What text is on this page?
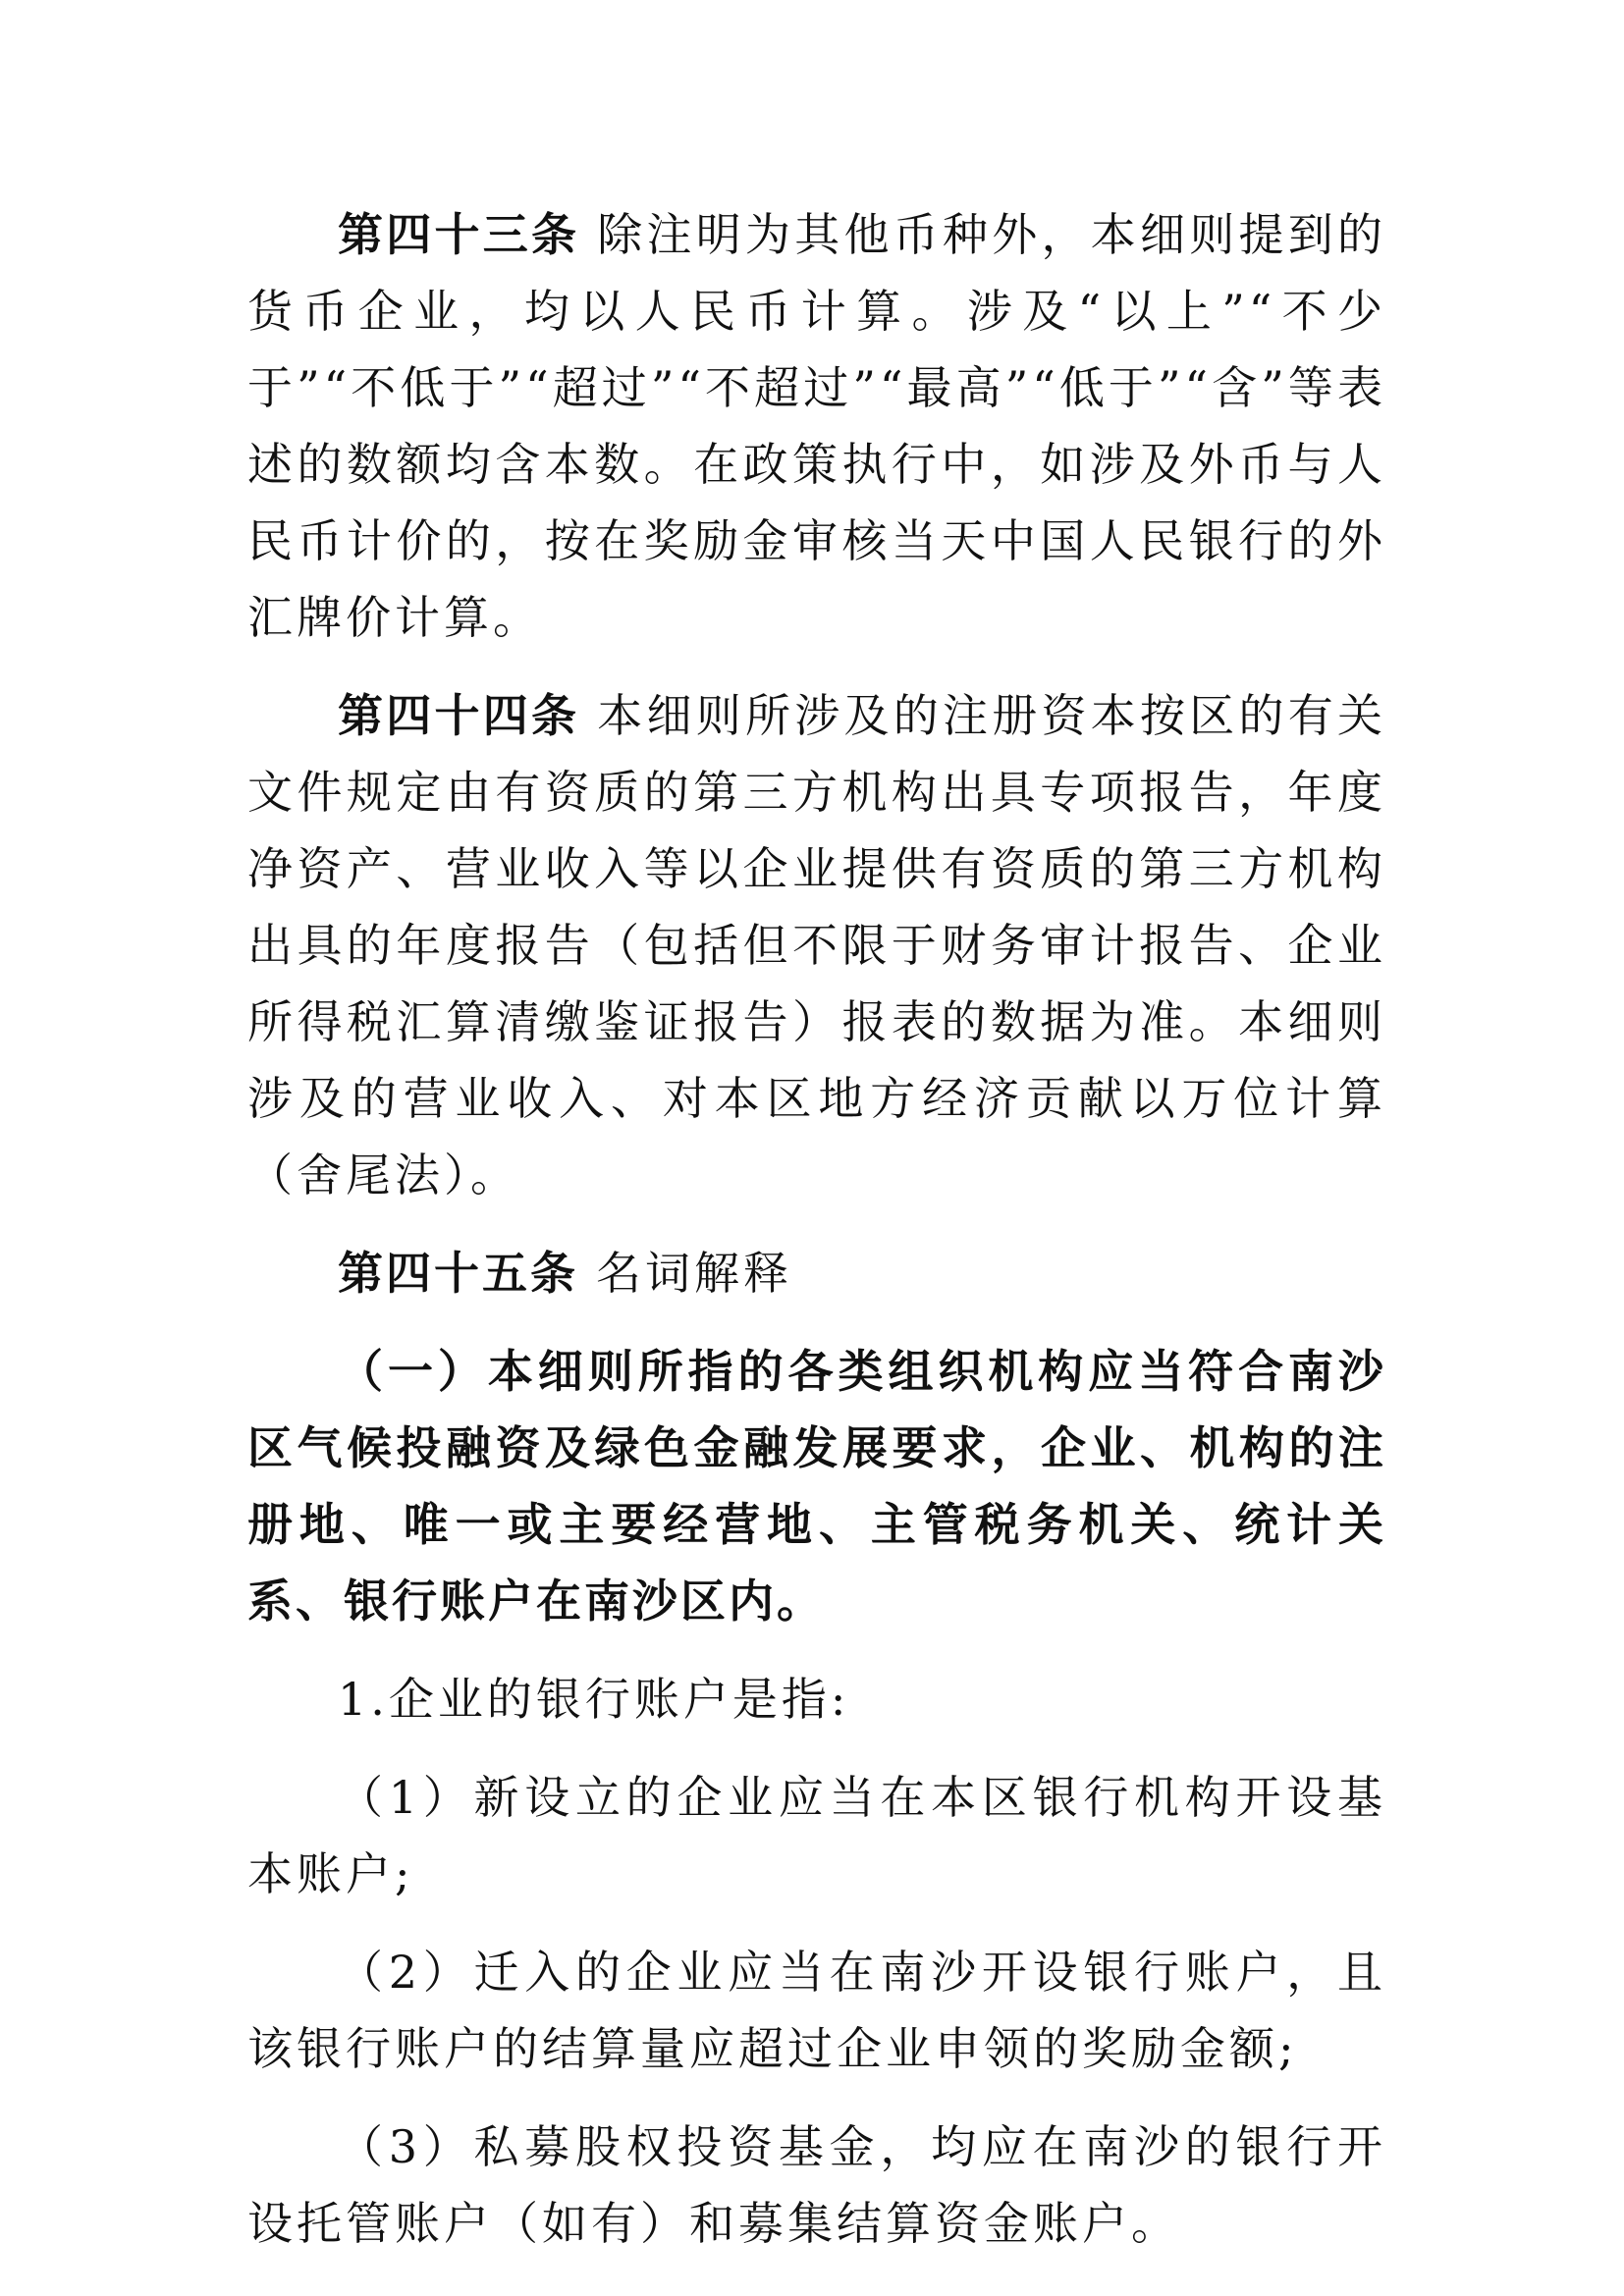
第四十三条 除注明为其他币种外，本细则提到的货币企业，均以人民币计算。涉及“以上”“不少于”“不低于”“超过”“不超过”“最高”“低于”“含”等表述的数额均含本数。在政策执行中，如涉及外币与人民币计价的，按在奖励金审核当天中国人民银行的外汇牌价计算。

第四十四条 本细则所涉及的注册资本按区的有关文件规定由有资质的第三方机构出具专项报告，年度净资产、营业收入等以企业提供有资质的第三方机构出具的年度报告（包括但不限于财务审计报告、企业所得税汇算清缴鉴证报告）报表的数据为准。本细则涉及的营业收入、对本区地方经济贡献以万位计算（舍尾法）。

第四十五条 名词解释

（一）本细则所指的各类组织机构应当符合南沙区气候投融资及绿色金融发展要求，企业、机构的注册地、唯一或主要经营地、主管税务机关、统计关系、银行账户在南沙区内。

1.企业的银行账户是指:

（1）新设立的企业应当在本区银行机构开设基本账户;

（2）迁入的企业应当在南沙开设银行账户，且该银行账户的结算量应超过企业申领的奖励金额;

（3）私募股权投资基金，均应在南沙的银行开设托管账户（如有）和募集结算资金账户。
